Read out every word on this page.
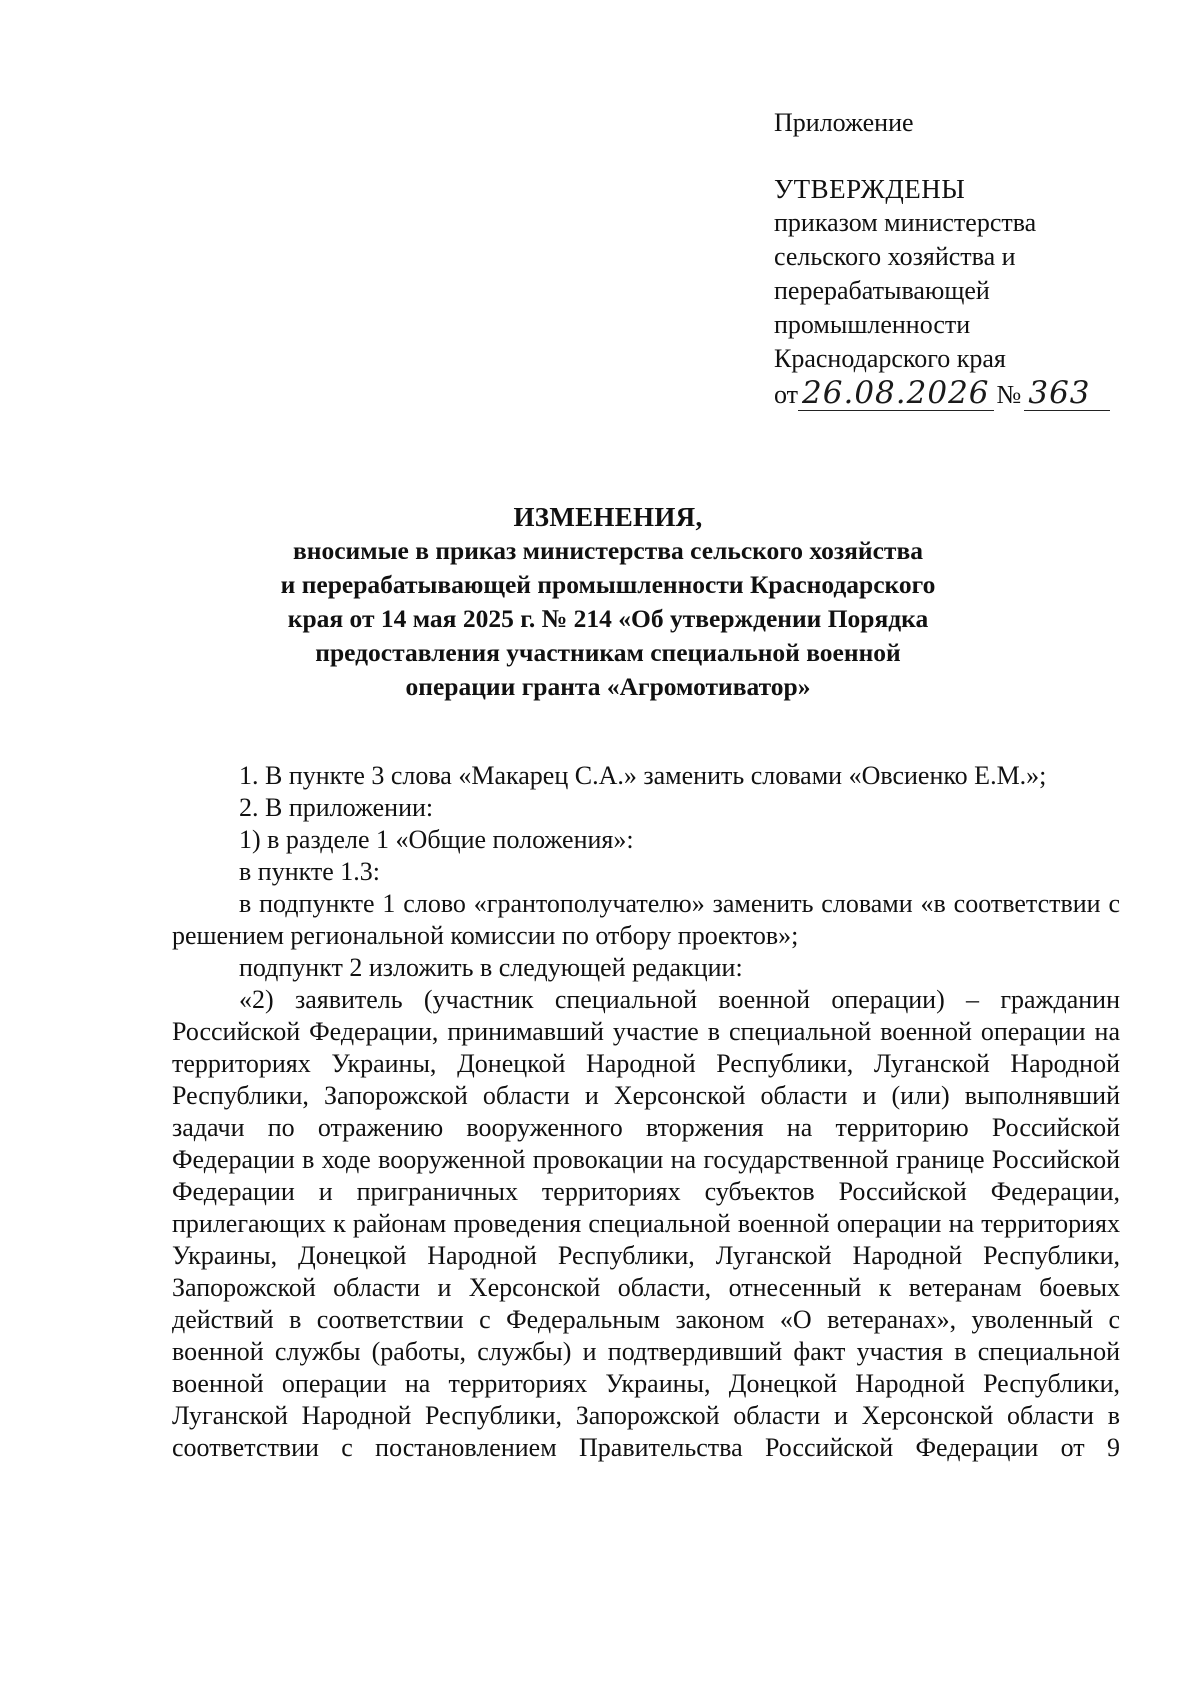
Приложение

УТВЕРЖДЕНЫ

приказом министерства

сельского хозяйства и

перерабатывающей

промышленности

Краснодарского края

от 26.08.2026 № 363

ИЗМЕНЕНИЯ,
вносимые в приказ министерства сельского хозяйства
и перерабатывающей промышленности Краснодарского
края от 14 мая 2025 г. № 214 «Об утверждении Порядка
предоставления участникам специальной военной
операции гранта «Агромотиватор»

1. В пункте 3 слова «Макарец С.А.» заменить словами «Овсиенко Е.М.»;

2. В приложении:

1) в разделе 1 «Общие положения»:

в пункте 1.3:

в подпункте 1 слово «грантополучателю» заменить словами «в соответствии с решением региональной комиссии по отбору проектов»;

подпункт 2 изложить в следующей редакции:

«2) заявитель (участник специальной военной операции) – гражданин Российской Федерации, принимавший участие в специальной военной операции на территориях Украины, Донецкой Народной Республики, Луганской Народной Республики, Запорожской области и Херсонской области и (или) выполнявший задачи по отражению вооруженного вторжения на территорию Российской Федерации в ходе вооруженной провокации на государственной границе Российской Федерации и приграничных территориях субъектов Российской Федерации, прилегающих к районам проведения специальной военной операции на территориях Украины, Донецкой Народной Республики, Луганской Народной Республики, Запорожской области и Херсонской области, отнесенный к ветеранам боевых действий в соответствии с Федеральным законом «О ветеранах», уволенный с военной службы (работы, службы) и подтвердивший факт участия в специальной военной операции на территориях Украины, Донецкой Народной Республики, Луганской Народной Республики, Запорожской области и Херсонской области в соответствии с постановлением Правительства Российской Федерации от 9
